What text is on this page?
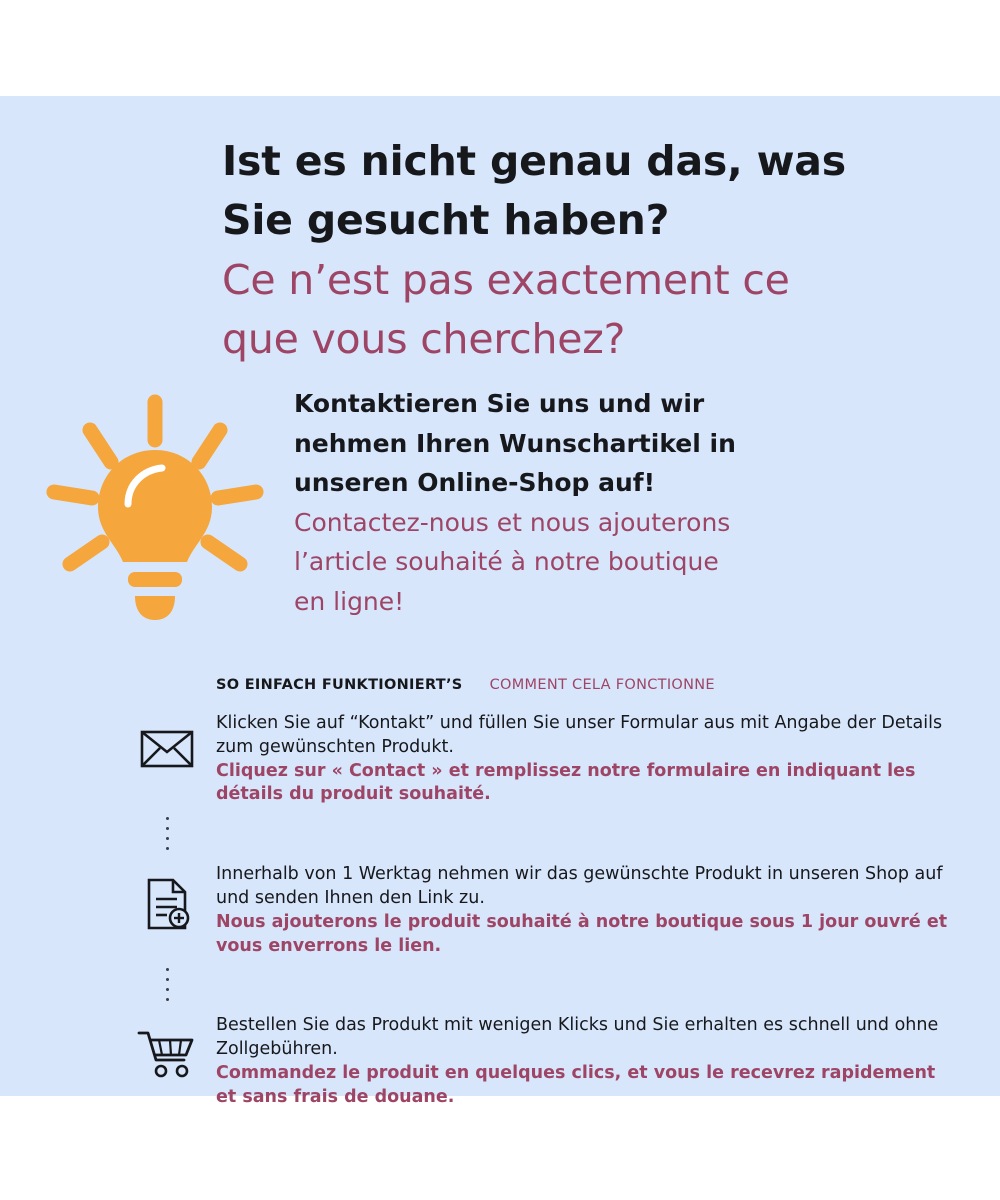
Ist es nicht genau das, was
Sie gesucht haben?
Ce n’est pas exactement ce
que vous cherchez?
Kontaktieren Sie uns und wir
nehmen Ihren Wunschartikel in
unseren Online-Shop auf!
Contactez-nous et nous ajouterons
l’article souhaité à notre boutique
en ligne!
SO EINFACH FUNKTIONIERT’S COMMENT CELA FONCTIONNE

Klicken Sie auf “Kontakt” und füllen Sie unser Formular aus mit Angabe der Details zum gewünschten Produkt.

Cliquez sur « Contact » et remplissez notre formulaire en indiquant les détails du produit souhaité.

Innerhalb von 1 Werktag nehmen wir das gewünschte Produkt in unseren Shop auf und senden Ihnen den Link zu.

Nous ajouterons le produit souhaité à notre boutique sous 1 jour ouvré et vous enverrons le lien.

Bestellen Sie das Produkt mit wenigen Klicks und Sie erhalten es schnell und ohne Zollgebühren.

Commandez le produit en quelques clics, et vous le recevrez rapidement et sans frais de douane.
